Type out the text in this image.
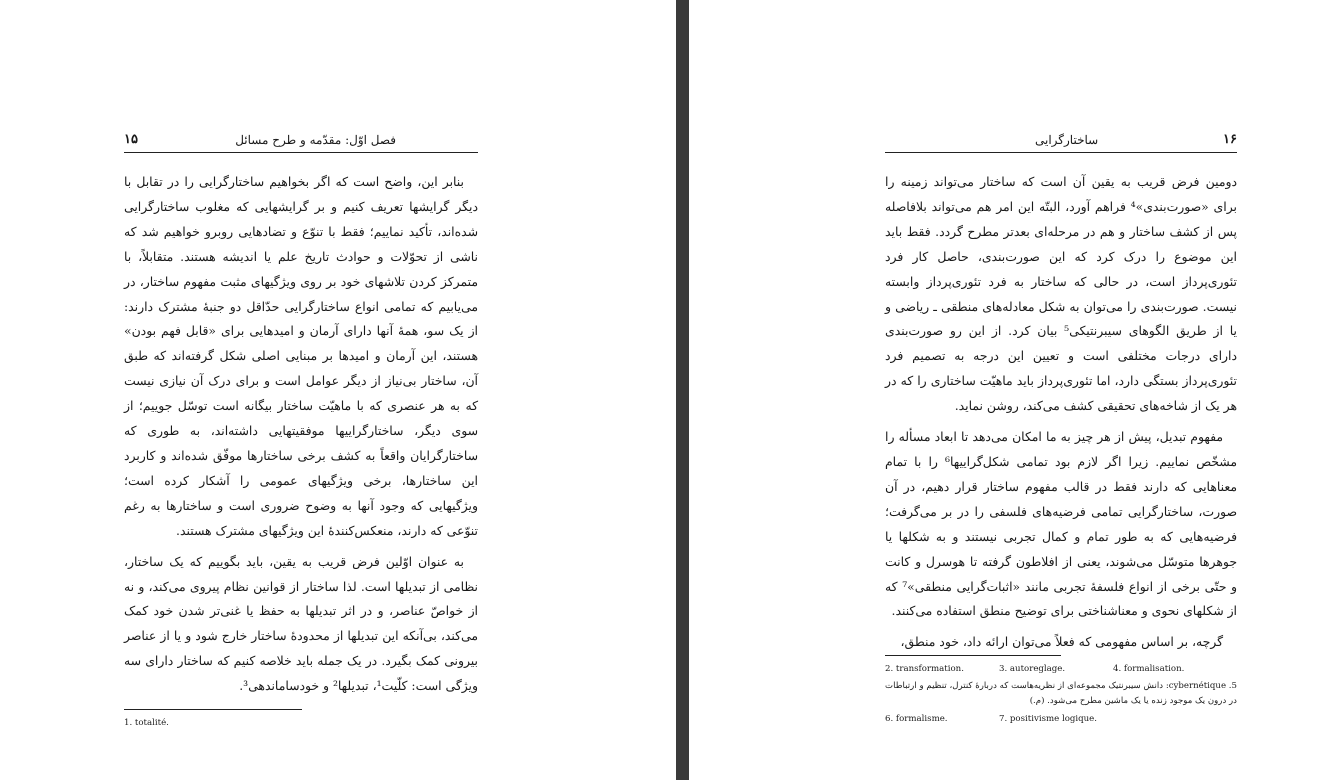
۱۵	فصل اوّل: مقدّمه و طرح مسائل

بنابر این، واضح است که اگر بخواهیم ساختارگرایی را در تقابل با دیگر گرایشها تعریف کنیم و بر گرایشهایی که مغلوب ساختارگرایی شده‌اند، تأکید نماییم؛ فقط با تنوّع و تضادهایی روبرو خواهیم شد که ناشی از تحوّلات و حوادث تاریخ علم یا اندیشه هستند. متقابلاً، با متمرکز کردن تلاشهای خود بر روی ویژگیهای مثبت مفهوم ساختار، در می‌یابیم که تمامی انواع ساختارگرایی حدّاقل دو جنبهٔ مشترک دارند: از یک سو، همهٔ آنها دارای آرمان و امیدهایی برای «قابل فهم بودن» هستند، این آرمان و امیدها بر مبنایی اصلی شکل گرفته‌اند که طبق آن، ساختار بی‌نیاز از دیگر عوامل است و برای درک آن نیازی نیست که به هر عنصری که با ماهیّت ساختار بیگانه است توسّل جوییم؛ از سوی دیگر، ساختارگراییها موفقیتهایی داشته‌اند، به طوری که ساختارگرایان واقعاً به کشف برخی ساختارها موفّق شده‌اند و کاربرد این ساختارها، برخی ویژگیهای عمومی را آشکار کرده است؛ ویژگیهایی که وجود آنها به وضوح ضروری است و ساختارها به رغم تنوّعی که دارند، منعکس‌کنندهٔ این ویژگیهای مشترک هستند.

به عنوان اوّلین فرض قریب به یقین، باید بگوییم که یک ساختار، نظامی از تبدیلها است. لذا ساختار از قوانین نظام پیروی می‌کند، و نه از خواصّ عناصر، و در اثر تبدیلها به حفظ یا غنی‌تر شدن خود کمک می‌کند، بی‌آنکه این تبدیلها از محدودهٔ ساختار خارج شود و یا از عناصر بیرونی کمک بگیرد. در یک جمله باید خلاصه کنیم که ساختار دارای سه ویژگی است: کلّیت¹، تبدیلها² و خودساماندهی³.

1. totalité.
۱۶
ساختارگرایی

دومین فرض قریب به یقین آن است که ساختار می‌تواند زمینه را برای «صورت‌بندی»⁴ فراهم آورد، البتّه این امر هم می‌تواند بلافاصله پس از کشف ساختار و هم در مرحله‌ای بعدتر مطرح گردد. فقط باید این موضوع را درک کرد که این صورت‌بندی، حاصل کار فرد تئوری‌پرداز است، در حالی که ساختار به فرد تئوری‌پرداز وابسته نیست. صورت‌بندی را می‌توان به شکل معادله‌های منطقی ـ ریاضی و یا از طریق الگوهای سیبرنتیکی⁵ بیان کرد. از این رو صورت‌بندی دارای درجات مختلفی است و تعیین این درجه به تصمیم فرد تئوری‌پرداز بستگی دارد، اما تئوری‌پرداز باید ماهیّت ساختاری را که در هر یک از شاخه‌های تحقیقی کشف می‌کند، روشن نماید.

مفهوم تبدیل، پیش از هر چیز به ما امکان می‌دهد تا ابعاد مسأله را مشخّص نماییم. زیرا اگر لازم بود تمامی شکل‌گراییها⁶ را با تمام معناهایی که دارند فقط در قالب مفهوم ساختار قرار دهیم، در آن صورت، ساختارگرایی تمامی فرضیه‌های فلسفی را در بر می‌گرفت؛ فرضیه‌هایی که به طور تمام و کمال تجربی نیستند و به شکلها یا جوهرها متوسّل می‌شوند، یعنی از افلاطون گرفته تا هوسرل و کانت و حتّی برخی از انواع فلسفهٔ تجربی مانند «اثبات‌گرایی منطقی»⁷ که از شکلهای نحوی و معناشناختی برای توضیح منطق استفاده می‌کنند.

گرچه، بر اساس مفهومی که فعلاً می‌توان ارائه داد، خود منطق،

2. transformation.	3. autoreglage.	4. formalisation.
5. cybernétique: دانش سیبرنتیک مجموعه‌ای از نظریه‌هاست که دربارهٔ کنترل، تنظیم و ارتباطات در درون یک موجود زنده یا یک ماشین مطرح می‌شود. (م.)
6. formalisme.	7. positivisme logique.
